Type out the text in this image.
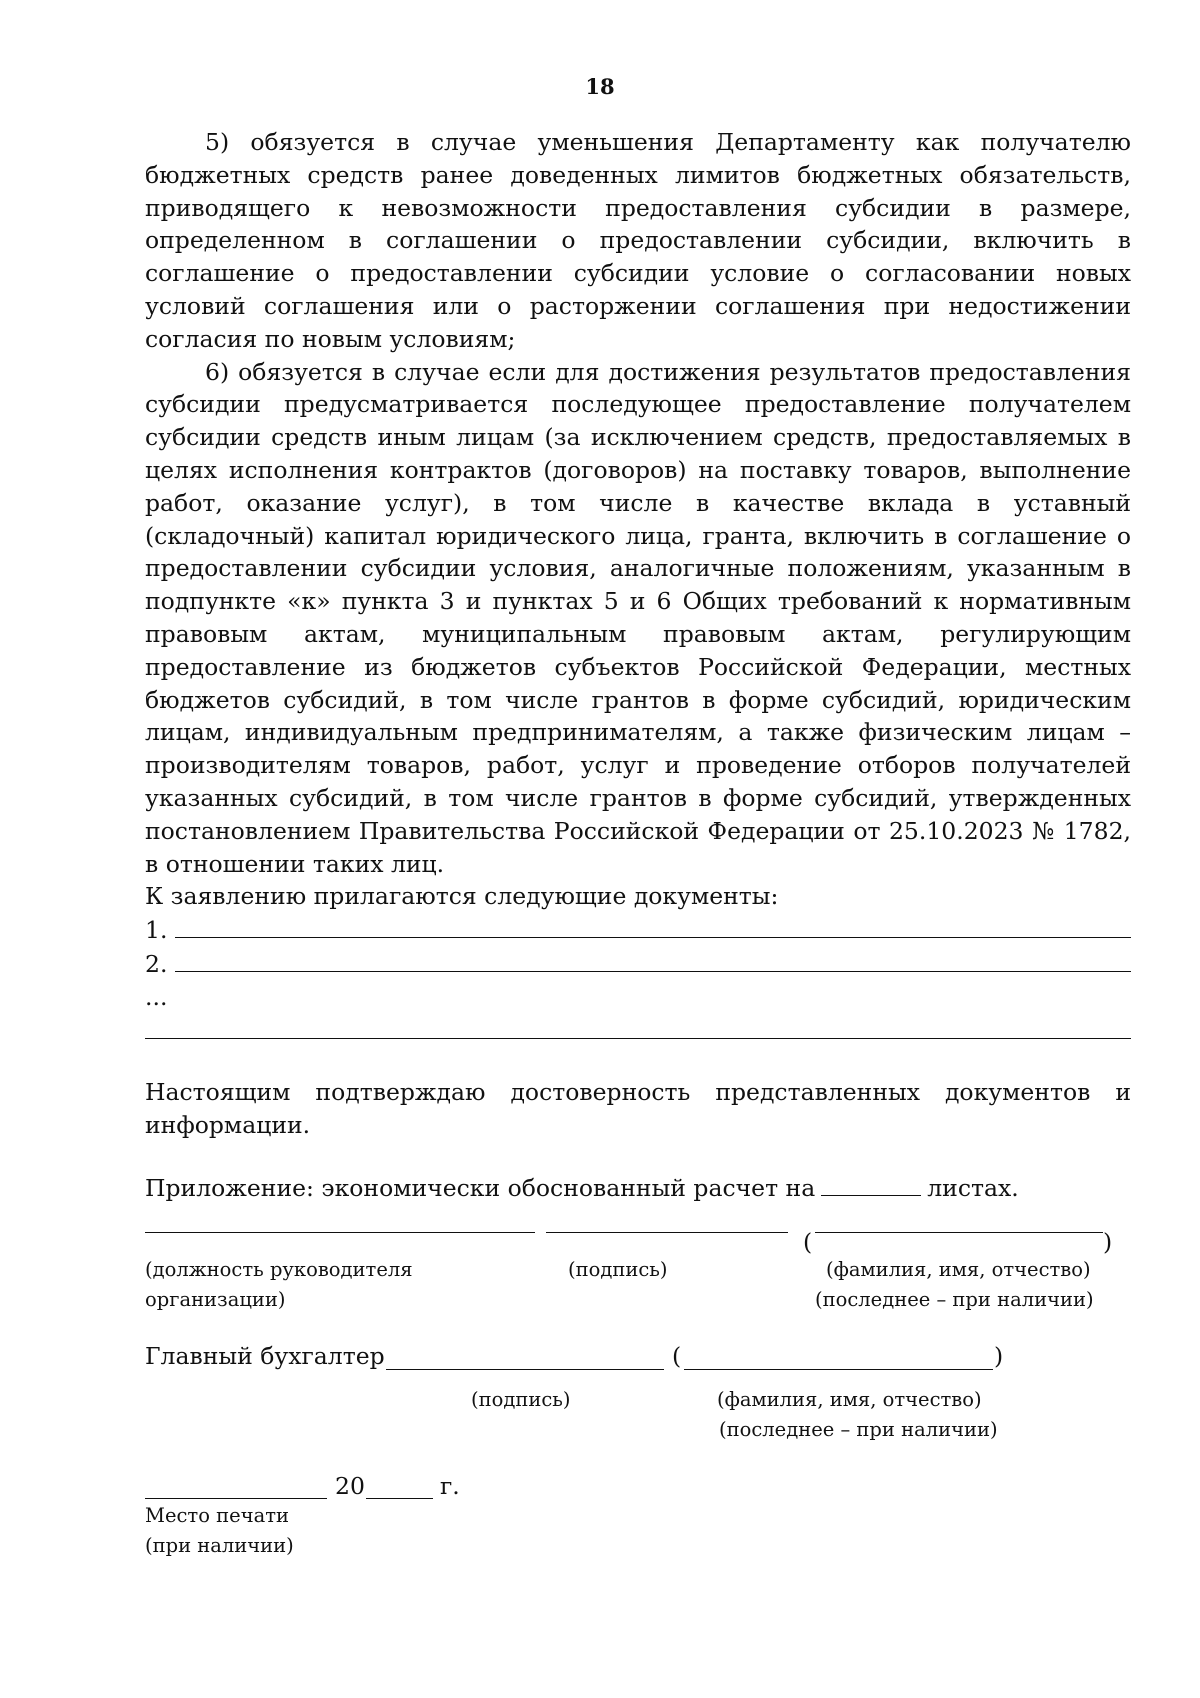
18

5) обязуется в случае уменьшения Департаменту как получателю бюджетных средств ранее доведенных лимитов бюджетных обязательств, приводящего к невозможности предоставления субсидии в размере, определенном в соглашении о предоставлении субсидии, включить в соглашение о предоставлении субсидии условие о согласовании новых условий соглашения или о расторжении соглашения при недостижении согласия по новым условиям;

6) обязуется в случае если для достижения результатов предоставления субсидии предусматривается последующее предоставление получателем субсидии средств иным лицам (за исключением средств, предоставляемых в целях исполнения контрактов (договоров) на поставку товаров, выполнение работ, оказание услуг), в том числе в качестве вклада в уставный (складочный) капитал юридического лица, гранта, включить в соглашение о предоставлении субсидии условия, аналогичные положениям, указанным в подпункте «к» пункта 3 и пунктах 5 и 6 Общих требований к нормативным правовым актам, муниципальным правовым актам, регулирующим предоставление из бюджетов субъектов Российской Федерации, местных бюджетов субсидий, в том числе грантов в форме субсидий, юридическим лицам, индивидуальным предпринимателям, а также физическим лицам – производителям товаров, работ, услуг и проведение отборов получателей указанных субсидий, в том числе грантов в форме субсидий, утвержденных постановлением Правительства Российской Федерации от 25.10.2023 № 1782, в отношении таких лиц.

К заявлению прилагаются следующие документы:

1.
2.

...

Настоящим подтверждаю достоверность представленных документов и информации.
Приложение: экономически обоснованный расчет на	листах.
(	)
(должность руководителя
организации)
(подпись)	(фамилия, имя, отчество)
(последнее – при наличии)
Главный бухгалтер	(	)
(подпись)	(фамилия, имя, отчество)
(последнее – при наличии)
20	г.
Место печати
(при наличии)
